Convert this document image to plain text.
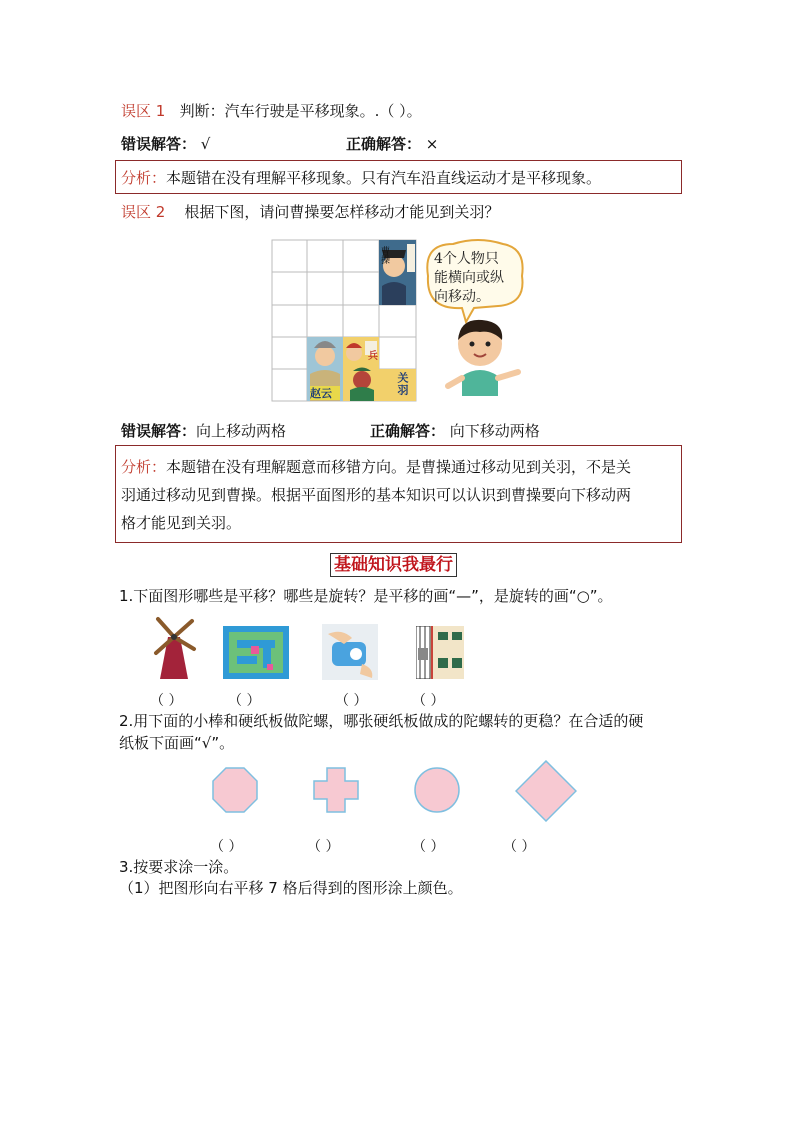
误区 1 判断：汽车行驶是平移现象。.（ ）。
错误解答： √	正确解答： ×
分析：本题错在没有理解平移现象。只有汽车沿直线运动才是平移现象。
误区 2 根据下图，请问曹操要怎样移动才能见到关羽？
曹操
兵
赵云	关羽
4个人物只
能横向或纵
向移动。
错误解答：向上移动两格	正确解答： 向下移动两格
分析：本题错在没有理解题意而移错方向。是曹操通过移动见到关羽，不是关
羽通过移动见到曹操。根据平面图形的基本知识可以认识到曹操要向下移动两
格才能见到关羽。
基础知识我最行
1.下面图形哪些是平移？哪些是旋转？是平移的画“—”，是旋转的画“○”。
（ ）	（ ）	（ ）	（ ）
2.用下面的小棒和硬纸板做陀螺，哪张硬纸板做成的陀螺转的更稳？在合适的硬
纸板下面画“√”。
（ ）	（ ）	（ ）	（ ）
3.按要求涂一涂。
（1）把图形向右平移 7 格后得到的图形涂上颜色。
